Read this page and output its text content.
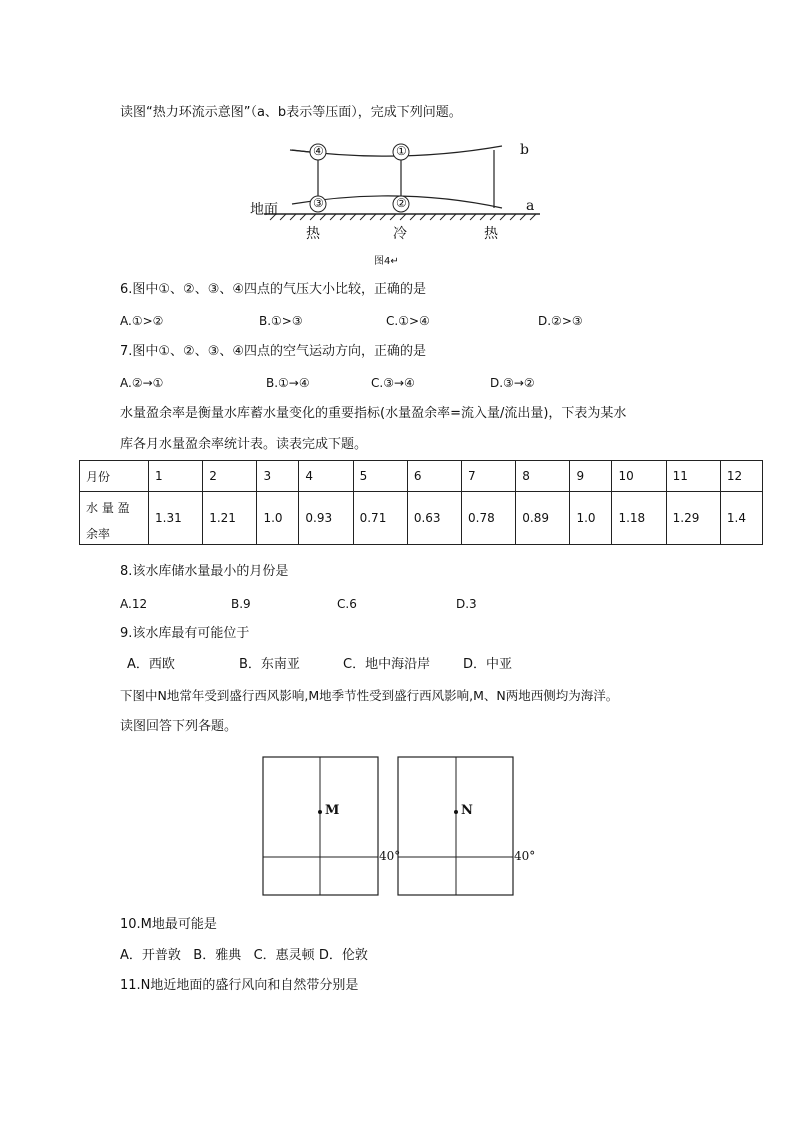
读图“热力环流示意图”（a、b表示等压面），完成下列问题。
④	①
③	②
b
a
地面
热	冷	热
图4↵
6.图中①、②、③、④四点的气压大小比较，正确的是
A.①>②	B.①>③	C.①>④	D.②>③
7.图中①、②、③、④四点的空气运动方向，正确的是
A.②→①	B.①→④	C.③→④	D.③→②
水量盈余率是衡量水库蓄水量变化的重要指标(水量盈余率=流入量/流出量)，下表为某水
库各月水量盈余率统计表。读表完成下题。
月份	1	2	3	4	5	6	7	8	9	10	11	12
水 量 盈	1.31	1.21	1.0	0.93	0.71	0.63	0.78	0.89	1.0	1.18	1.29	1.4
余率												
8.该水库储水量最小的月份是
A.12	B.9	C.6	D.3
9.该水库最有可能位于
A．西欧	B．东南亚	C．地中海沿岸	D．中亚
下图中N地常年受到盛行西风影响,M地季节性受到盛行西风影响,M、N两地西侧均为海洋。
读图回答下列各题。
M	N
40°	40°
10.M地最可能是
A．开普敦   B．雅典   C．惠灵顿 D．伦敦
11.N地近地面的盛行风向和自然带分别是
